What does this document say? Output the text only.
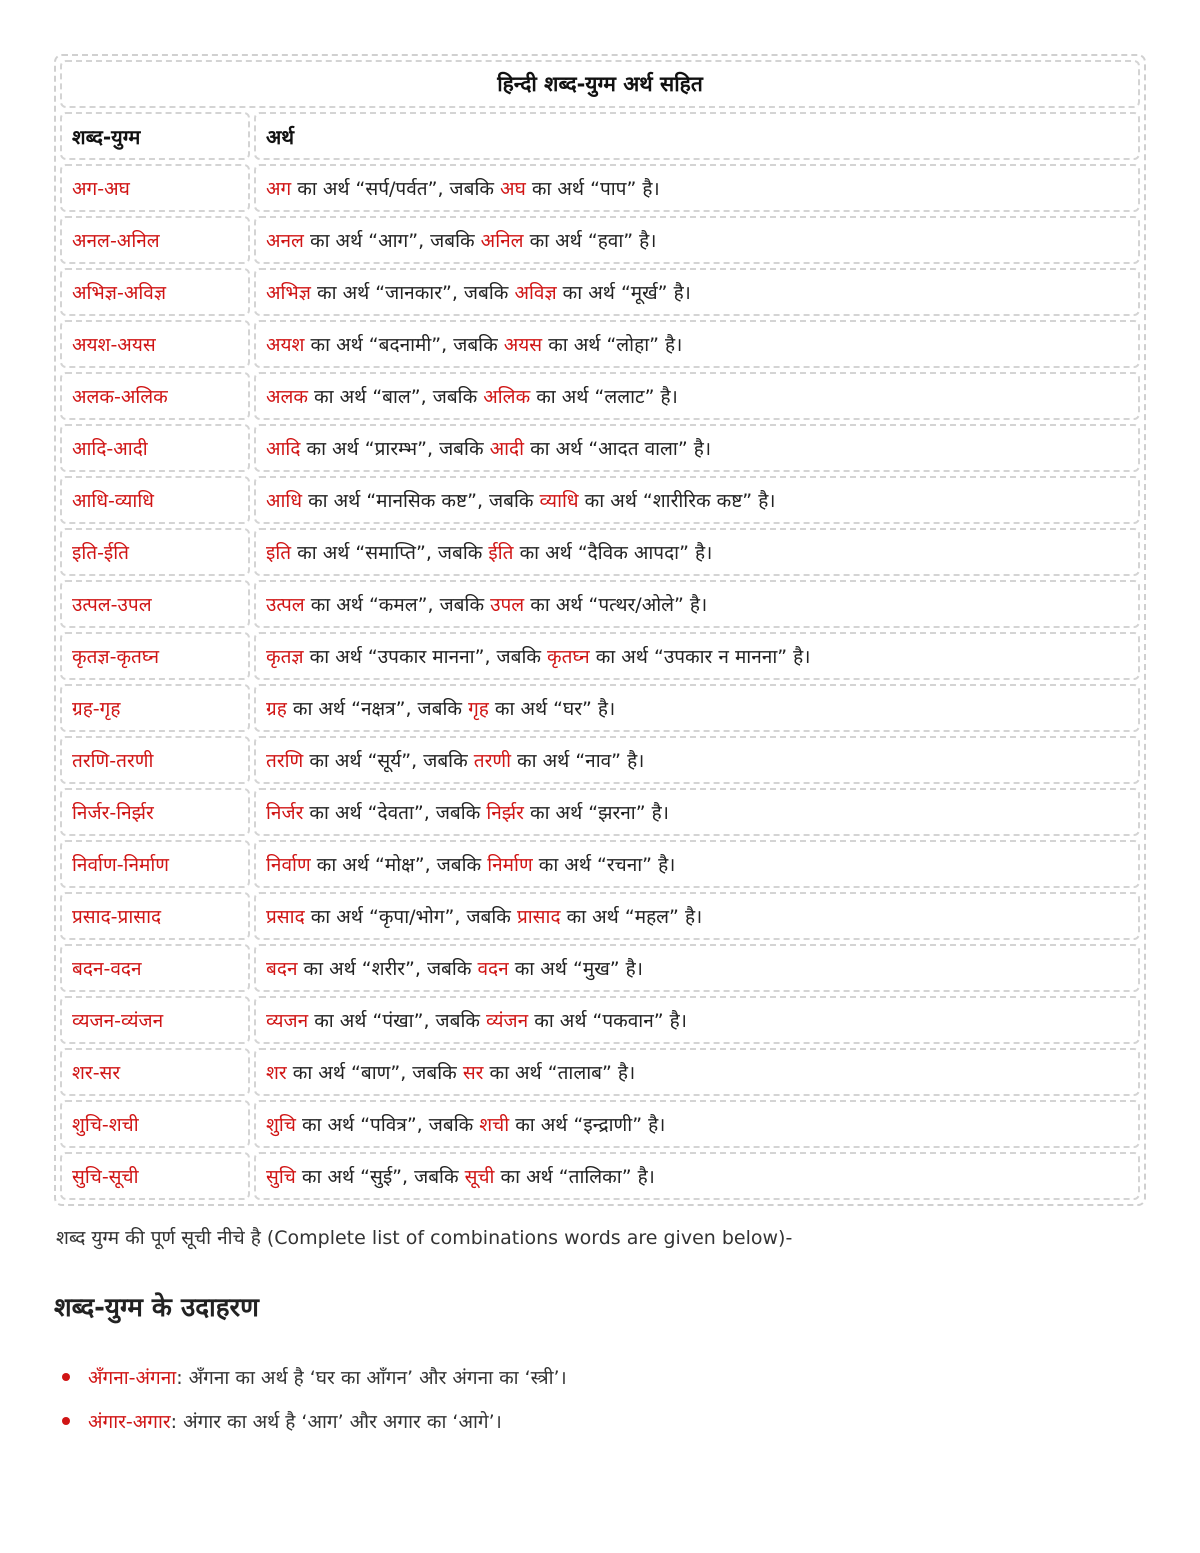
हिन्दी शब्द-युग्म अर्थ सहित	
शब्द-युग्म	अर्थ
अग-अघ	अग का अर्थ “सर्प/पर्वत”, जबकि अघ का अर्थ “पाप” है।
अनल-अनिल	अनल का अर्थ “आग”, जबकि अनिल का अर्थ “हवा” है।
अभिज्ञ-अविज्ञ	अभिज्ञ का अर्थ “जानकार”, जबकि अविज्ञ का अर्थ “मूर्ख” है।
अयश-अयस	अयश का अर्थ “बदनामी”, जबकि अयस का अर्थ “लोहा” है।
अलक-अलिक	अलक का अर्थ “बाल”, जबकि अलिक का अर्थ “ललाट” है।
आदि-आदी	आदि का अर्थ “प्रारम्भ”, जबकि आदी का अर्थ “आदत वाला” है।
आधि-व्याधि	आधि का अर्थ “मानसिक कष्ट”, जबकि व्याधि का अर्थ “शारीरिक कष्ट” है।
इति-ईति	इति का अर्थ “समाप्ति”, जबकि ईति का अर्थ “दैविक आपदा” है।
उत्पल-उपल	उत्पल का अर्थ “कमल”, जबकि उपल का अर्थ “पत्थर/ओले” है।
कृतज्ञ-कृतघ्न	कृतज्ञ का अर्थ “उपकार मानना”, जबकि कृतघ्न का अर्थ “उपकार न मानना” है।
ग्रह-गृह	ग्रह का अर्थ “नक्षत्र”, जबकि गृह का अर्थ “घर” है।
तरणि-तरणी	तरणि का अर्थ “सूर्य”, जबकि तरणी का अर्थ “नाव” है।
निर्जर-निर्झर	निर्जर का अर्थ “देवता”, जबकि निर्झर का अर्थ “झरना” है।
निर्वाण-निर्माण	निर्वाण का अर्थ “मोक्ष”, जबकि निर्माण का अर्थ “रचना” है।
प्रसाद-प्रासाद	प्रसाद का अर्थ “कृपा/भोग”, जबकि प्रासाद का अर्थ “महल” है।
बदन-वदन	बदन का अर्थ “शरीर”, जबकि वदन का अर्थ “मुख” है।
व्यजन-व्यंजन	व्यजन का अर्थ “पंखा”, जबकि व्यंजन का अर्थ “पकवान” है।
शर-सर	शर का अर्थ “बाण”, जबकि सर का अर्थ “तालाब” है।
शुचि-शची	शुचि का अर्थ “पवित्र”, जबकि शची का अर्थ “इन्द्राणी” है।
सुचि-सूची	सुचि का अर्थ “सुई”, जबकि सूची का अर्थ “तालिका” है।
शब्द युग्म की पूर्ण सूची नीचे है (Complete list of combinations words are given below)-
शब्द-युग्म के उदाहरण
अँगना-अंगना: अँगना का अर्थ है ‘घर का आँगन’ और अंगना का ‘स्त्री’।
अंगार-अगार: अंगार का अर्थ है ‘आग’ और अगार का ‘आगे’।
